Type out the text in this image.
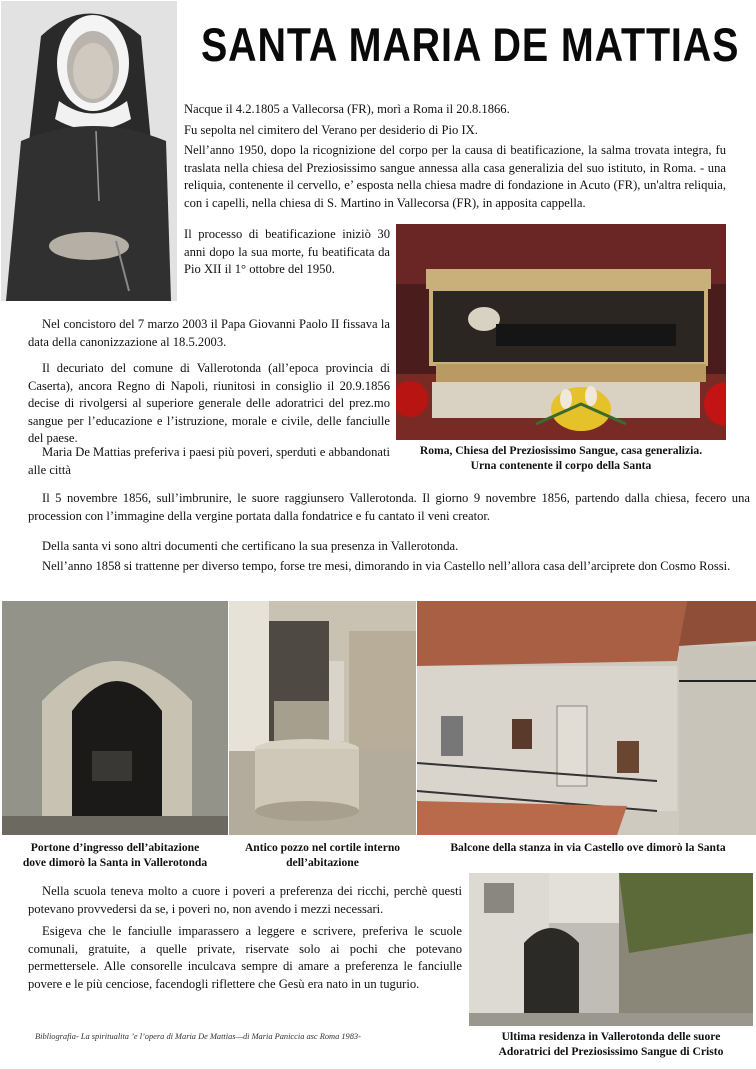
SANTA MARIA DE MATTIAS

Nacque il 4.2.1805 a Vallecorsa (FR), morì a Roma il 20.8.1866.

Fu sepolta nel cimitero del Verano per desiderio di Pio IX.

Nell’anno 1950, dopo la ricognizione del corpo per la causa di beatificazione, la salma trovata integra, fu traslata nella chiesa del Preziosissimo sangue annessa alla casa generalizia del suo istituto, in Roma. - una reliquia, contenente il cervello, e’ esposta nella chiesa madre di fondazione in Acuto (FR), un'altra reliquia, con i capelli, nella chiesa di S. Martino in Vallecorsa (FR), in apposita cappella.

Il processo di beatificazione iniziò 30 anni dopo la sua morte, fu beatificata da Pio XII il 1° ottobre del 1950.

Nel concistoro del 7 marzo 2003 il Papa Giovanni Paolo II fissava la data della canonizzazione al 18.5.2003.

Il decuriato del comune di Vallerotonda (all’epoca provincia di Caserta), ancora Regno di Napoli, riunitosi in consiglio il 20.9.1856 decise di rivolgersi al superiore generale delle adoratrici del prez.mo sangue per l’educazione e l’istruzione, morale e civile, delle fanciulle del paese.

Maria De Mattias preferiva i paesi più poveri, sperduti e abbandonati alle città

Roma, Chiesa del Preziosissimo Sangue, casa generalizia.
Urna contenente il corpo della Santa

Il 5 novembre 1856, sull’imbrunire, le suore raggiunsero Vallerotonda. Il giorno 9 novembre 1856, partendo dalla chiesa, fecero una procession con l’immagine della vergine portata dalla fondatrice e fu cantato il veni creator.

Della santa vi sono altri documenti che certificano la sua presenza in Vallerotonda.

Nell’anno 1858 si trattenne per diverso tempo, forse tre mesi, dimorando in via Castello nell’allora casa dell’arciprete don Cosmo Rossi.

Portone d’ingresso dell’abitazione
dove dimorò la Santa in Vallerotonda
Antico pozzo nel cortile interno
dell’abitazione
Balcone della stanza in via Castello ove dimorò la Santa

Nella scuola teneva molto a cuore i poveri a preferenza dei ricchi, perchè questi potevano provvedersi da se, i poveri no, non avendo i mezzi necessari.

Esigeva che le fanciulle imparassero a leggere e scrivere, preferiva le scuole comunali, gratuite, a quelle private, riservate solo ai pochi che potevano permettersele. Alle consorelle inculcava sempre di amare a preferenza le fanciulle povere e le più cenciose, facendogli riflettere che Gesù era nato in un tugurio.

Ultima residenza in Vallerotonda delle suore
Adoratrici del Preziosissimo Sangue di Cristo
Bibliografia- La spiritualita ’e l’opera di Maria De Mattias—di Maria Paniccia asc Roma 1983-
